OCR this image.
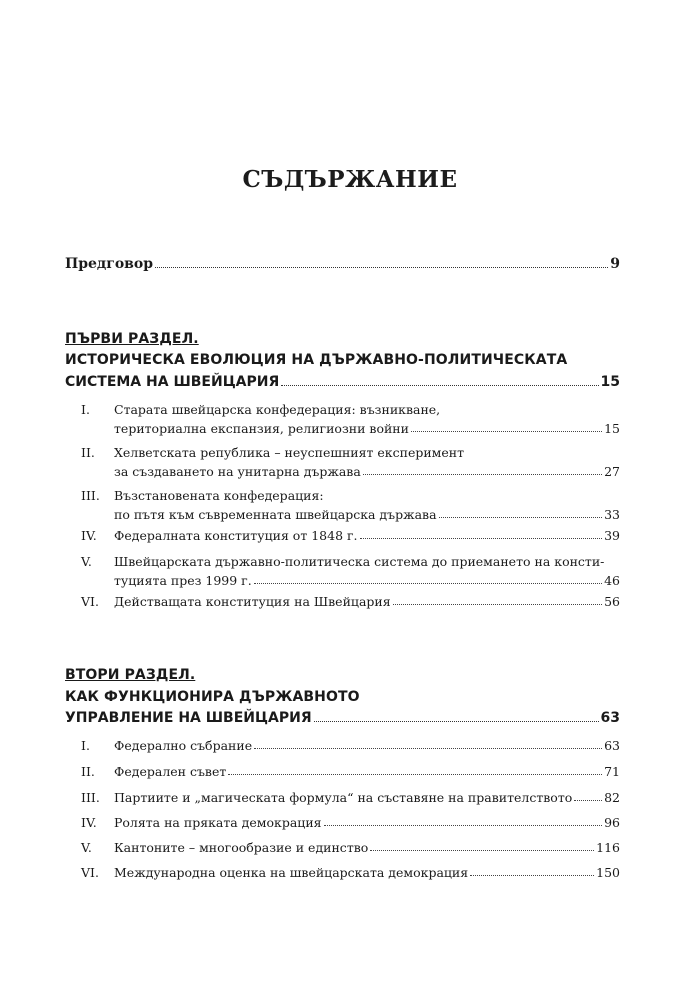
СЪДЪРЖАНИЕ
Предговор	9
ПЪРВИ РАЗДЕЛ.
ИСТОРИЧЕСКА ЕВОЛЮЦИЯ НА ДЪРЖАВНО-ПОЛИТИЧЕСКАТА
СИСТЕМА НА ШВЕЙЦАРИЯ	15
I.	Старата швейцарска конфедерация: възникване,
териториална експанзия, религиозни войни	15
II.	Хелветската република – неуспешният експеримент
за създаването на унитарна държава	27
III.	Възстановената конфедерация:
по пътя към съвременната швейцарска държава	33
IV.	Федералната конституция от 1848 г.	39
V.	Швейцарската държавно-политическа система до приемането на консти-
туцията през 1999 г.	46
VI.	Действащата конституция на Швейцария	56
ВТОРИ РАЗДЕЛ.
КАК ФУНКЦИОНИРА ДЪРЖАВНОТО
УПРАВЛЕНИЕ НА ШВЕЙЦАРИЯ	63
I.	Федерално събрание	63
II.	Федерален съвет	71
III.	Партиите и „магическата формула“ на съставяне на правителството	82
IV.	Ролята на пряката демокрация	96
V.	Кантоните – многообразие и единство	116
VI.	Международна оценка на швейцарската демокрация	150
